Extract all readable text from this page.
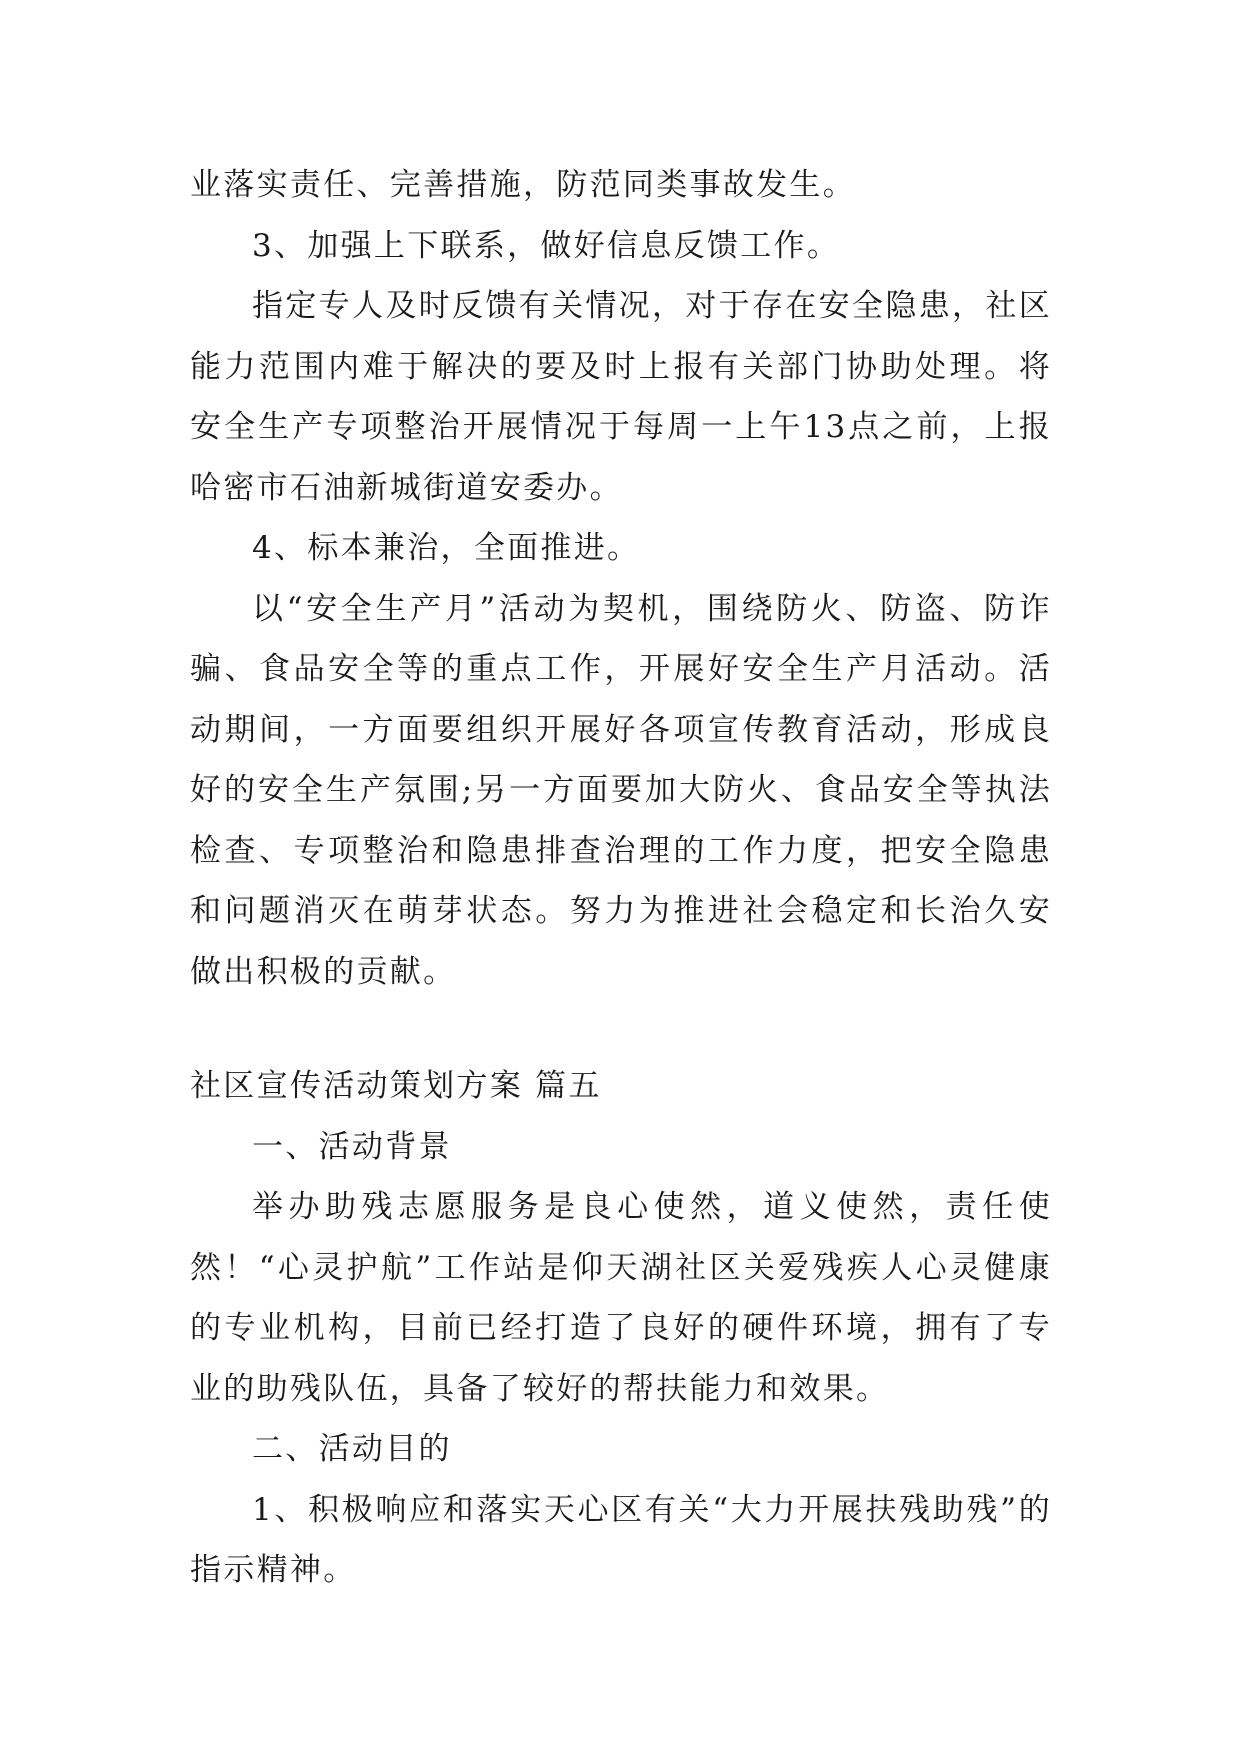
业落实责任、完善措施，防范同类事故发生。

3、加强上下联系，做好信息反馈工作。

指定专人及时反馈有关情况，对于存在安全隐患，社区能力范围内难于解决的要及时上报有关部门协助处理。将安全生产专项整治开展情况于每周一上午13点之前，上报哈密市石油新城街道安委办。

4、标本兼治，全面推进。

以“安全生产月”活动为契机，围绕防火、防盗、防诈骗、食品安全等的重点工作，开展好安全生产月活动。活动期间，一方面要组织开展好各项宣传教育活动，形成良好的安全生产氛围;另一方面要加大防火、食品安全等执法检查、专项整治和隐患排查治理的工作力度，把安全隐患和问题消灭在萌芽状态。努力为推进社会稳定和长治久安做出积极的贡献。

社区宣传活动策划方案 篇五

一、活动背景

举办助残志愿服务是良心使然，道义使然，责任使然！“心灵护航”工作站是仰天湖社区关爱残疾人心灵健康的专业机构，目前已经打造了良好的硬件环境，拥有了专业的助残队伍，具备了较好的帮扶能力和效果。

二、活动目的

1、积极响应和落实天心区有关“大力开展扶残助残”的指示精神。
